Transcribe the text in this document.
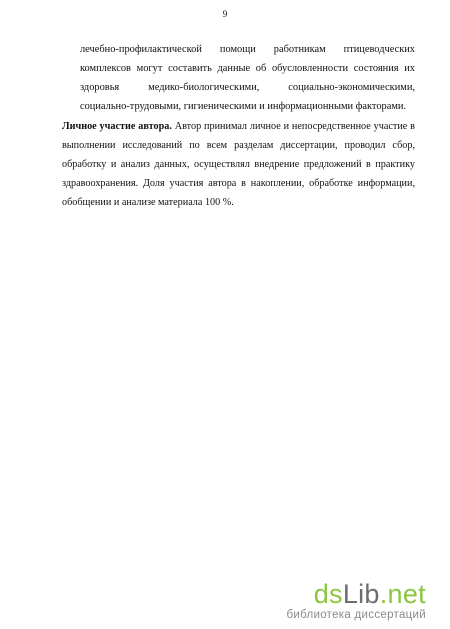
9
лечебно-профилактической помощи работникам птицеводческих
комплексов могут составить данные об обусловленности состояния их
здоровья медико-биологическими, социально-экономическими,
социально-трудовыми, гигиеническими и информационными факторами.
Личное участие автора. Автор принимал личное и непосредственное участие в
выполнении исследований по всем разделам диссертации, проводил сбор,
обработку и анализ данных, осуществлял внедрение предложений в практику
здравоохранения. Доля участия автора в накоплении, обработке информации,
обобщении и анализе материала 100 %.
dsLib.net
библиотека диссертаций
